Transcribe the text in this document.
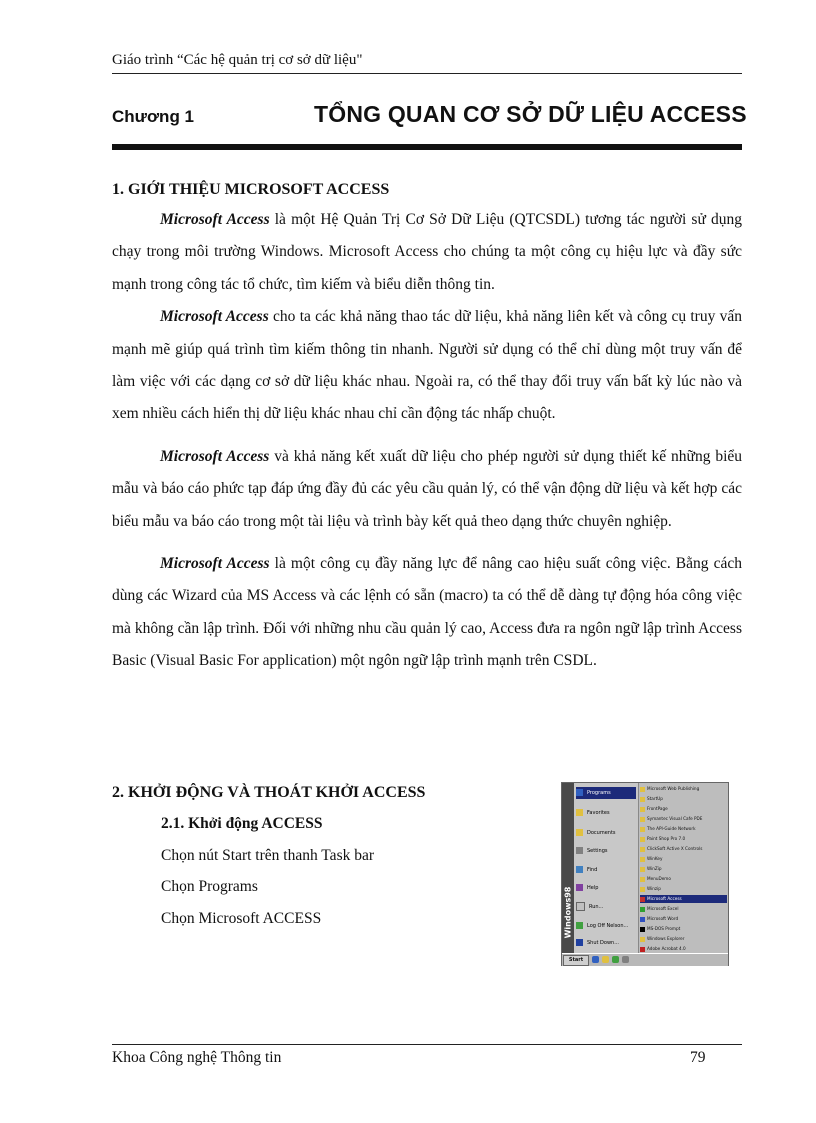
Giáo trình “Các hệ quản trị cơ sở dữ liệu"
Chương 1	TỔNG QUAN CƠ SỞ DỮ LIỆU ACCESS

1. GIỚI THIỆU MICROSOFT ACCESS

Microsoft Access là một Hệ Quản Trị Cơ Sở Dữ Liệu (QTCSDL) tương tác người sử dụng chạy trong môi trường Windows. Microsoft Access cho chúng ta một công cụ hiệu lực và đầy sức mạnh trong công tác tổ chức, tìm kiếm và biểu diễn thông tin.

Microsoft Access cho ta các khả năng thao tác dữ liệu, khả năng liên kết và công cụ truy vấn mạnh mẽ giúp quá trình tìm kiếm thông tin nhanh. Người sử dụng có thể chỉ dùng một truy vấn để làm việc với các dạng cơ sở dữ liệu khác nhau. Ngoài ra, có thể thay đổi truy vấn bất kỳ lúc nào và xem nhiều cách hiển thị dữ liệu khác nhau chỉ cần động tác nhấp chuột.

Microsoft Access và khả năng kết xuất dữ liệu cho phép người sử dụng thiết kế những biểu mẫu và báo cáo phức tạp đáp ứng đầy đủ các yêu cầu quản lý, có thể vận động dữ liệu và kết hợp các biểu mẫu va báo cáo trong một tài liệu và trình bày kết quả theo dạng thức chuyên nghiệp.

Microsoft Access là một công cụ đầy năng lực để nâng cao hiệu suất công việc. Bằng cách dùng các Wizard của MS Access và các lệnh có sẵn (macro) ta có thể dễ dàng tự động hóa công việc mà không cần lập trình. Đối với những nhu cầu quản lý cao, Access đưa ra ngôn ngữ lập trình Access Basic (Visual Basic For application) một ngôn ngữ lập trình mạnh trên CSDL.

2. KHỞI ĐỘNG VÀ THOÁT KHỞI ACCESS

2.1. Khởi động ACCESS
Chọn nút Start trên thanh Task bar
Chọn Programs
Chọn Microsoft ACCESS	Windows98
Programs
Favorites
Documents
Settings
Find
Help
Run...
Log Off Nelson...
Shut Down...
Microsoft Web Publishing
StartUp
FrontPage
Symantec Visual Cafe PDE
The API-Guide Network
Paint Shop Pro 7.0
ClickSoft Active X Controls
WinKey
WinZip
MenuDemo
Winzip
Microsoft Access
Microsoft Excel
Microsoft Word
MS-DOS Prompt
Windows Explorer
Adobe Acrobat 4.0
Start
Khoa Công nghệ Thông tin	79
